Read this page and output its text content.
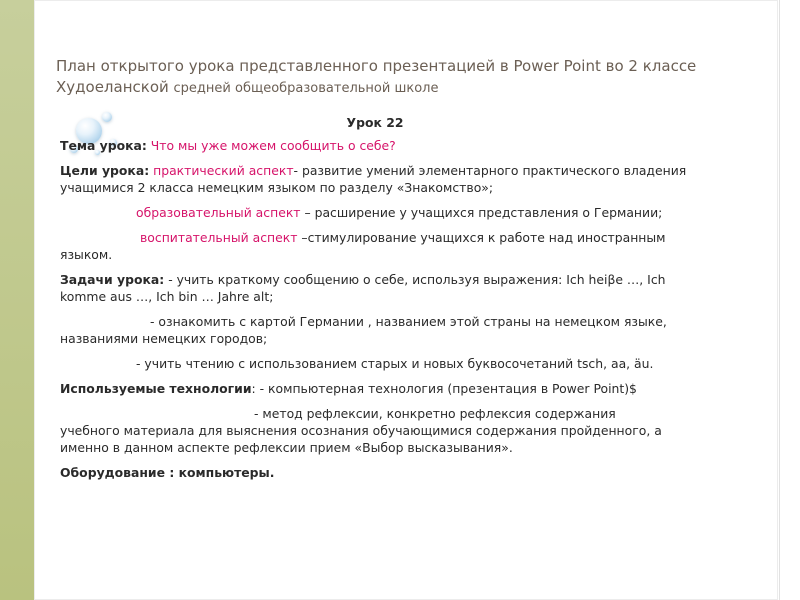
План открытого урока представленного презентацией в Power Point во 2 классе
Худоеланской средней общеобразовательной школе
Урок 22
Тема урока: Что мы уже можем сообщить о себе?
Цели урока: практический аспект- развитие умений элементарного практического владения учащимися 2 класса немецким языком по разделу «Знакомство»;
образовательный аспект – расширение у учащихся представления о Германии;
воспитательный аспект –стимулирование учащихся к работе над иностранным языком.
Задачи урока: - учить краткому сообщению о себе, используя выражения: Ich heiβe …, Ich komme aus …, Ich bin … Jahre alt;
- ознакомить с картой Германии , названием этой страны на немецком языке, названиями немецких городов;
- учить чтению с использованием старых и новых буквосочетаний tsch, aa, äu.
Используемые технологии: - компьютерная технология (презентация в Power Point)$
- метод рефлексии, конкретно рефлексия содержания
учебного материала для выяснения осознания обучающимися содержания пройденного, а именно в данном аспекте рефлексии прием «Выбор высказывания».
Оборудование : компьютеры.
